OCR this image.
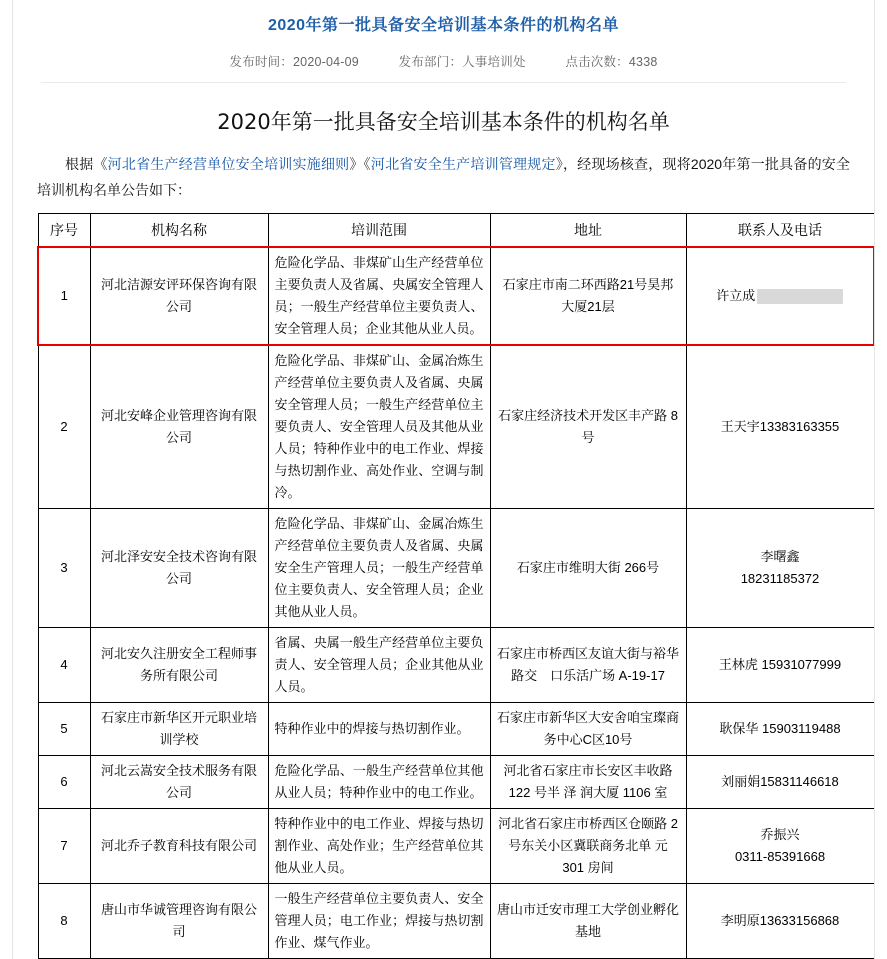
2020年第一批具备安全培训基本条件的机构名单
发布时间：2020-04-09	发布部门：人事培训处	点击次数：4338
2020年第一批具备安全培训基本条件的机构名单

根据《河北省生产经营单位安全培训实施细则》《河北省安全生产培训管理规定》，经现场核查，现将2020年第一批具备的安全培训机构名单公告如下：

序号	机构名称	培训范围	地址	联系人及电话
1	河北洁源安评环保咨询有限公司	危险化学品、非煤矿山生产经营单位主要负责人及省属、央属安全管理人员；一般生产经营单位主要负责人、安全管理人员；企业其他从业人员。	石家庄市南二环西路21号昊邦大厦21层	许立成
2	河北安峰企业管理咨询有限公司	危险化学品、非煤矿山、金属冶炼生产经营单位主要负责人及省属、央属安全管理人员；一般生产经营单位主要负责人、安全管理人员及其他从业人员；特种作业中的电工作业、焊接与热切割作业、高处作业、空调与制冷。	石家庄经济技术开发区丰产路 8 号	王天宇13383163355
3	河北泽安安全技术咨询有限公司	危险化学品、非煤矿山、金属冶炼生产经营单位主要负责人及省属、央属安全生产管理人员；一般生产经营单位主要负责人、安全管理人员；企业其他从业人员。	石家庄市维明大街 266号	李曙鑫
18231185372

4	河北安久注册安全工程师事务所有限公司	省属、央属一般生产经营单位主要负责人、安全管理人员；企业其他从业人员。	石家庄市桥西区友谊大街与裕华路交　口乐活广场 A-19-17	王林虎 15931077999
5	石家庄市新华区开元职业培训学校	特种作业中的焊接与热切割作业。	石家庄市新华区大安舍咱宝璨商务中心C区10号	耿保华 15903119488
6	河北云嵩安全技术服务有限公司	危险化学品、一般生产经营单位其他从业人员；特种作业中的电工作业。	河北省石家庄市长安区丰收路 122 号半 泽 润大厦 1106 室	刘丽娟15831146618
7	河北乔子教育科技有限公司	特种作业中的电工作业、焊接与热切割作业、高处作业；生产经营单位其他从业人员。	河北省石家庄市桥西区仓颐路 2 号东关小区冀联商务北单 元 301 房间	乔振兴
0311-85391668

8	唐山市华诚管理咨询有限公司	一般生产经营单位主要负责人、安全管理人员；电工作业；焊接与热切割作业、煤气作业。	唐山市迁安市理工大学创业孵化基地	李明原13633156868
